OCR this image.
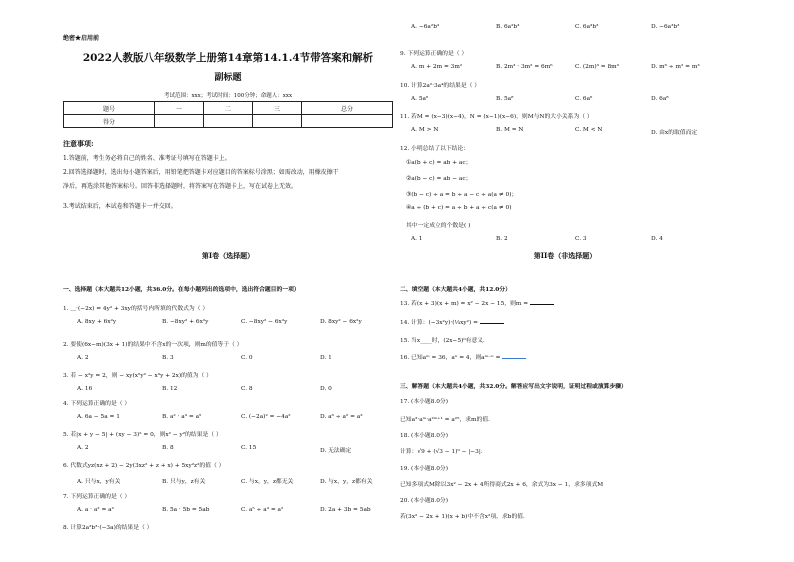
绝密★启用前
2022人教版八年级数学上册第14章第14.1.4节带答案和解析
副标题
考试范围：xxx；考试时间：100分钟；命题人：xxx
题号	一	二	三	总分
得分				
注意事项:
1.答题前，考生务必将自己的姓名、准考证号填写在答题卡上。
2.回答选择题时，选出每小题答案后，用铅笔把答题卡对应题目的答案标号涂黑；如需改动，用橡皮擦干
净后，再选涂其他答案标号。回答非选择题时，将答案写在答题卡上，写在试卷上无效。
3.考试结束后，本试卷和答题卡一并交回。
第I卷（选择题）
一、选择题（本大题共12小题，共36.0分。在每小题列出的选项中，选出符合题目的一项）
1. ＿·(−2x) = 4y² + 3xy的括号内所填的代数式为（ ）
A. 8xy + 6x²y	B. −8xy² + 6x²y	C. −8xy² − 6x²y	D. 8xy² − 6x²y
2. 要使(6x−m)(3x + 1)的结果中不含x的一次项，则m的值等于（ ）
A. 2	B. 3	C. 0	D. 1
3. 若 − x²y = 2，则 − xy(x⁵y² − x³y + 2x)的值为（ ）
A. 16	B. 12	C. 8	D. 0
4. 下列运算正确的是（ ）
A. 6a − 5a = 1	B. a² · a³ = a⁵	C. (−2a)² = −4a²	D. a⁶ ÷ a² = a³
5. 若|x + y − 5| + (xy − 3)² = 0，则x² − y²的结果是（ ）
A. 2	B. 8	C. 15	D. 无法确定
6. 代数式yz(xz + 2) − 2y(3xz² + z + x) + 5xy²z²的值（ ）
A. 只与x，y有关	B. 只与y，z有关	C. 与x，y，z都无关	D. 与x，y，z都有关
7. 下列运算正确的是（ ）
A. a · a² = a²	B. 5a · 5b = 5ab	C. a⁵ ÷ a³ = a²	D. 2a + 3b = 5ab
8. 计算2a²b³·(−3a)的结果是（ ）
A. −6a²b³	B. 6a²b³	C. 6a³b³	D. −6a³b³
9. 下列运算正确的是（ ）
A. m + 2m = 3m²	B. 2m³ · 3m² = 6m⁶	C. (2m)³ = 8m³	D. m⁶ ÷ m² = m³
10. 计算2a²·3a⁴的结果是（ ）
A. 5a⁶	B. 5a⁸	C. 6a⁶	D. 6a⁸
11. 若M = (x−3)(x−4)，N = (x−1)(x−6)，则M与N的大小关系为（ ）
A. M > N	B. M = N	C. M < N	D. 由x的取值而定
12. 小明总结了以下结论：
①a(b + c) = ab + ac；
②a(b − c) = ab − ac；
③(b − c) ÷ a = b ÷ a − c ÷ a(a ≠ 0)；
④a ÷ (b + c) = a ÷ b + a ÷ c(a ≠ 0)
其中一定成立的个数是( )
A. 1	B. 2	C. 3	D. 4
第II卷（非选择题）
二、填空题（本大题共4小题，共12.0分）
13. 若(x + 3)(x + m) = x² − 2x − 15，则m =
14. 计算：(−3x²y)·(⅓xy²) =
15. 当x____时，(2x−5)⁰有意义．
16. 已知aᵐ = 36，aⁿ = 4，则aᵐ⁻ⁿ =
三、解答题（本大题共4小题，共32.0分。解答应写出文字说明，证明过程或演算步骤）
17. (本小题8.0分)
已知a³·aᵐ·a²ᵐ⁺¹ = a²⁵，求m的值．
18. (本小题8.0分)
计算：√9 + (√3 − 1)⁰ − |−3|．
19. (本小题8.0分)
已知多项式M除以3x² − 2x + 4所得商式2x + 6，余式为3x − 1，求多项式M
20. (本小题8.0分)
若(3x² − 2x + 1)(x + b)中不含x²项，求b的值．
